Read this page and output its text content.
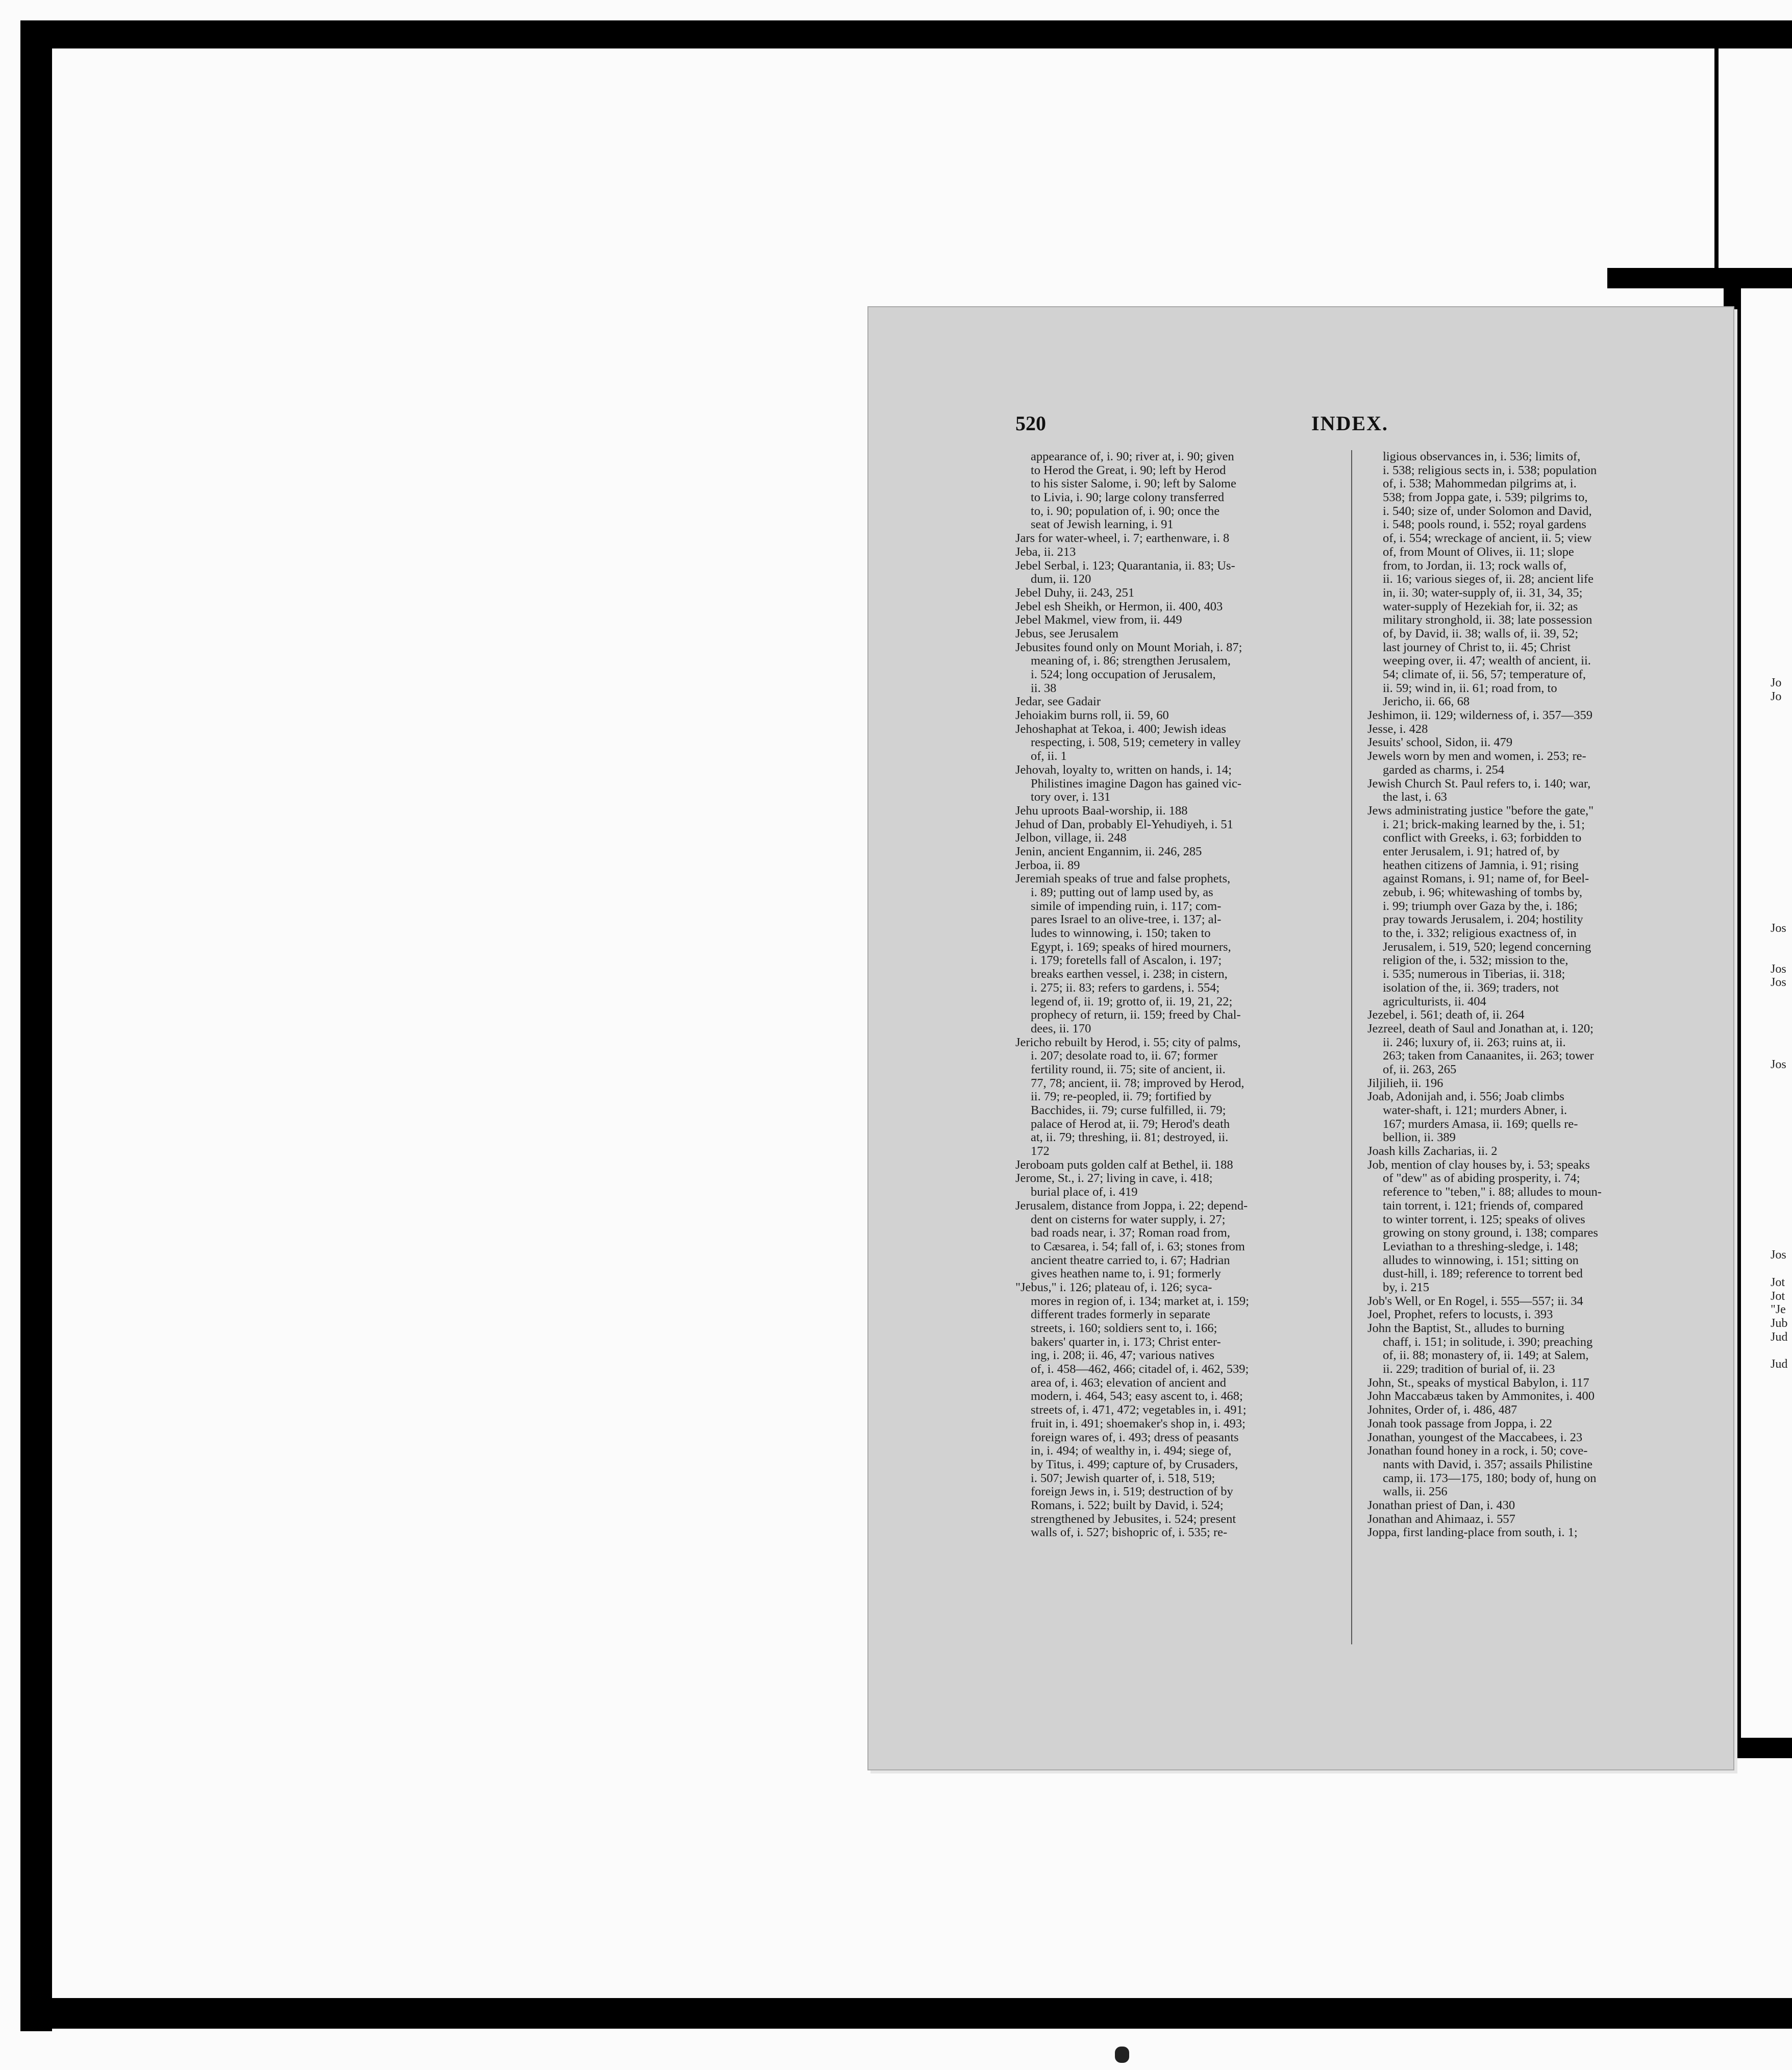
520	INDEX.
appearance of, i. 90; river at, i. 90; given
to Herod the Great, i. 90; left by Herod
to his sister Salome, i. 90; left by Salome
to Livia, i. 90; large colony transferred
to, i. 90; population of, i. 90; once the
seat of Jewish learning, i. 91
Jars for water-wheel, i. 7; earthenware, i. 8
Jeba, ii. 213
Jebel Serbal, i. 123; Quarantania, ii. 83; Us-
dum, ii. 120
Jebel Duhy, ii. 243, 251
Jebel esh Sheikh, or Hermon, ii. 400, 403
Jebel Makmel, view from, ii. 449
Jebus, see Jerusalem
Jebusites found only on Mount Moriah, i. 87;
meaning of, i. 86; strengthen Jerusalem,
i. 524; long occupation of Jerusalem,
ii. 38
Jedar, see Gadair
Jehoiakim burns roll, ii. 59, 60
Jehoshaphat at Tekoa, i. 400; Jewish ideas
respecting, i. 508, 519; cemetery in valley
of, ii. 1
Jehovah, loyalty to, written on hands, i. 14;
Philistines imagine Dagon has gained vic-
tory over, i. 131
Jehu uproots Baal-worship, ii. 188
Jehud of Dan, probably El-Yehudiyeh, i. 51
Jelbon, village, ii. 248
Jenin, ancient Engannim, ii. 246, 285
Jerboa, ii. 89
Jeremiah speaks of true and false prophets,
i. 89; putting out of lamp used by, as
simile of impending ruin, i. 117; com-
pares Israel to an olive-tree, i. 137; al-
ludes to winnowing, i. 150; taken to
Egypt, i. 169; speaks of hired mourners,
i. 179; foretells fall of Ascalon, i. 197;
breaks earthen vessel, i. 238; in cistern,
i. 275; ii. 83; refers to gardens, i. 554;
legend of, ii. 19; grotto of, ii. 19, 21, 22;
prophecy of return, ii. 159; freed by Chal-
dees, ii. 170
Jericho rebuilt by Herod, i. 55; city of palms,
i. 207; desolate road to, ii. 67; former
fertility round, ii. 75; site of ancient, ii.
77, 78; ancient, ii. 78; improved by Herod,
ii. 79; re-peopled, ii. 79; fortified by
Bacchides, ii. 79; curse fulfilled, ii. 79;
palace of Herod at, ii. 79; Herod's death
at, ii. 79; threshing, ii. 81; destroyed, ii.
172
Jeroboam puts golden calf at Bethel, ii. 188
Jerome, St., i. 27; living in cave, i. 418;
burial place of, i. 419
Jerusalem, distance from Joppa, i. 22; depend-
dent on cisterns for water supply, i. 27;
bad roads near, i. 37; Roman road from,
to Cæsarea, i. 54; fall of, i. 63; stones from
ancient theatre carried to, i. 67; Hadrian
gives heathen name to, i. 91; formerly
"Jebus," i. 126; plateau of, i. 126; syca-
mores in region of, i. 134; market at, i. 159;
different trades formerly in separate
streets, i. 160; soldiers sent to, i. 166;
bakers' quarter in, i. 173; Christ enter-
ing, i. 208; ii. 46, 47; various natives
of, i. 458—462, 466; citadel of, i. 462, 539;
area of, i. 463; elevation of ancient and
modern, i. 464, 543; easy ascent to, i. 468;
streets of, i. 471, 472; vegetables in, i. 491;
fruit in, i. 491; shoemaker's shop in, i. 493;
foreign wares of, i. 493; dress of peasants
in, i. 494; of wealthy in, i. 494; siege of,
by Titus, i. 499; capture of, by Crusaders,
i. 507; Jewish quarter of, i. 518, 519;
foreign Jews in, i. 519; destruction of by
Romans, i. 522; built by David, i. 524;
strengthened by Jebusites, i. 524; present
walls of, i. 527; bishopric of, i. 535; re-
ligious observances in, i. 536; limits of,
i. 538; religious sects in, i. 538; population
of, i. 538; Mahommedan pilgrims at, i.
538; from Joppa gate, i. 539; pilgrims to,
i. 540; size of, under Solomon and David,
i. 548; pools round, i. 552; royal gardens
of, i. 554; wreckage of ancient, ii. 5; view
of, from Mount of Olives, ii. 11; slope
from, to Jordan, ii. 13; rock walls of,
ii. 16; various sieges of, ii. 28; ancient life
in, ii. 30; water-supply of, ii. 31, 34, 35;
water-supply of Hezekiah for, ii. 32; as
military stronghold, ii. 38; late possession
of, by David, ii. 38; walls of, ii. 39, 52;
last journey of Christ to, ii. 45; Christ
weeping over, ii. 47; wealth of ancient, ii.
54; climate of, ii. 56, 57; temperature of,
ii. 59; wind in, ii. 61; road from, to
Jericho, ii. 66, 68
Jeshimon, ii. 129; wilderness of, i. 357—359
Jesse, i. 428
Jesuits' school, Sidon, ii. 479
Jewels worn by men and women, i. 253; re-
garded as charms, i. 254
Jewish Church St. Paul refers to, i. 140; war,
the last, i. 63
Jews administrating justice "before the gate,"
i. 21; brick-making learned by the, i. 51;
conflict with Greeks, i. 63; forbidden to
enter Jerusalem, i. 91; hatred of, by
heathen citizens of Jamnia, i. 91; rising
against Romans, i. 91; name of, for Beel-
zebub, i. 96; whitewashing of tombs by,
i. 99; triumph over Gaza by the, i. 186;
pray towards Jerusalem, i. 204; hostility
to the, i. 332; religious exactness of, in
Jerusalem, i. 519, 520; legend concerning
religion of the, i. 532; mission to the,
i. 535; numerous in Tiberias, ii. 318;
isolation of the, ii. 369; traders, not
agriculturists, ii. 404
Jezebel, i. 561; death of, ii. 264
Jezreel, death of Saul and Jonathan at, i. 120;
ii. 246; luxury of, ii. 263; ruins at, ii.
263; taken from Canaanites, ii. 263; tower
of, ii. 263, 265
Jiljilieh, ii. 196
Joab, Adonijah and, i. 556; Joab climbs
water-shaft, i. 121; murders Abner, i.
167; murders Amasa, ii. 169; quells re-
bellion, ii. 389
Joash kills Zacharias, ii. 2
Job, mention of clay houses by, i. 53; speaks
of "dew" as of abiding prosperity, i. 74;
reference to "teben," i. 88; alludes to moun-
tain torrent, i. 121; friends of, compared
to winter torrent, i. 125; speaks of olives
growing on stony ground, i. 138; compares
Leviathan to a threshing-sledge, i. 148;
alludes to winnowing, i. 151; sitting on
dust-hill, i. 189; reference to torrent bed
by, i. 215
Job's Well, or En Rogel, i. 555—557; ii. 34
Joel, Prophet, refers to locusts, i. 393
John the Baptist, St., alludes to burning
chaff, i. 151; in solitude, i. 390; preaching
of, ii. 88; monastery of, ii. 149; at Salem,
ii. 229; tradition of burial of, ii. 23
John, St., speaks of mystical Babylon, i. 117
John Maccabæus taken by Ammonites, i. 400
Johnites, Order of, i. 486, 487
Jonah took passage from Joppa, i. 22
Jonathan, youngest of the Maccabees, i. 23
Jonathan found honey in a rock, i. 50; cove-
nants with David, i. 357; assails Philistine
camp, ii. 173—175, 180; body of, hung on
walls, ii. 256
Jonathan priest of Dan, i. 430
Jonathan and Ahimaaz, i. 557
Joppa, first landing-place from south, i. 1;
Jo
Jo
Jos
Jos
Jos
Jos
Jos
Jot
Jot
"Je
Jub
Jud
Jud
